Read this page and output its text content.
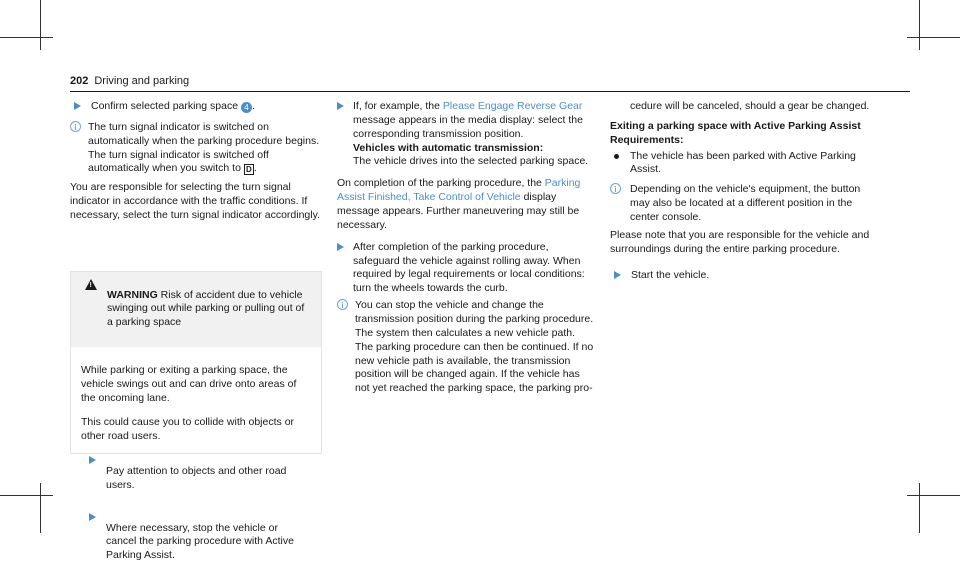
202 Driving and parking

Confirm selected parking space 4 .

i	The turn signal indicator is switched on automatically when the parking procedure begins. The turn signal indicator is switched off automatically when you switch to D .

You are responsible for selecting the turn signal indicator in accordance with the traffic conditions. If necessary, select the turn signal indicator accordingly.

!

WARNING Risk of accident due to vehicle swinging out while parking or pulling out of a parking space

While parking or exiting a parking space, the vehicle swings out and can drive onto areas of the oncoming lane.

This could cause you to collide with objects or other road users.

Pay attention to objects and other road users.

Where necessary, stop the vehicle or cancel the parking procedure with Active Parking Assist.

If, for example, the Please Engage Reverse Gear message appears in the media display: select the corresponding transmission position.

Vehicles with automatic transmission:

The vehicle drives into the selected parking space.

On completion of the parking procedure, the Parking Assist Finished, Take Control of Vehicle display message appears. Further maneuvering may still be necessary.

After completion of the parking procedure, safeguard the vehicle against rolling away. When required by legal requirements or local conditions: turn the wheels towards the curb.

i	You can stop the vehicle and change the transmission position during the parking procedure. The system then calculates a new vehicle path. The parking procedure can then be continued. If no new vehicle path is available, the transmission position will be changed again. If the vehicle has not yet reached the parking space, the parking pro-

cedure will be canceled, should a gear be changed.

Exiting a parking space with Active Parking Assist

Requirements:

The vehicle has been parked with Active Parking Assist.

i	Depending on the vehicle's equipment, the button may also be located at a different position in the center console.

Please note that you are responsible for the vehicle and surroundings during the entire parking procedure.

Start the vehicle.
